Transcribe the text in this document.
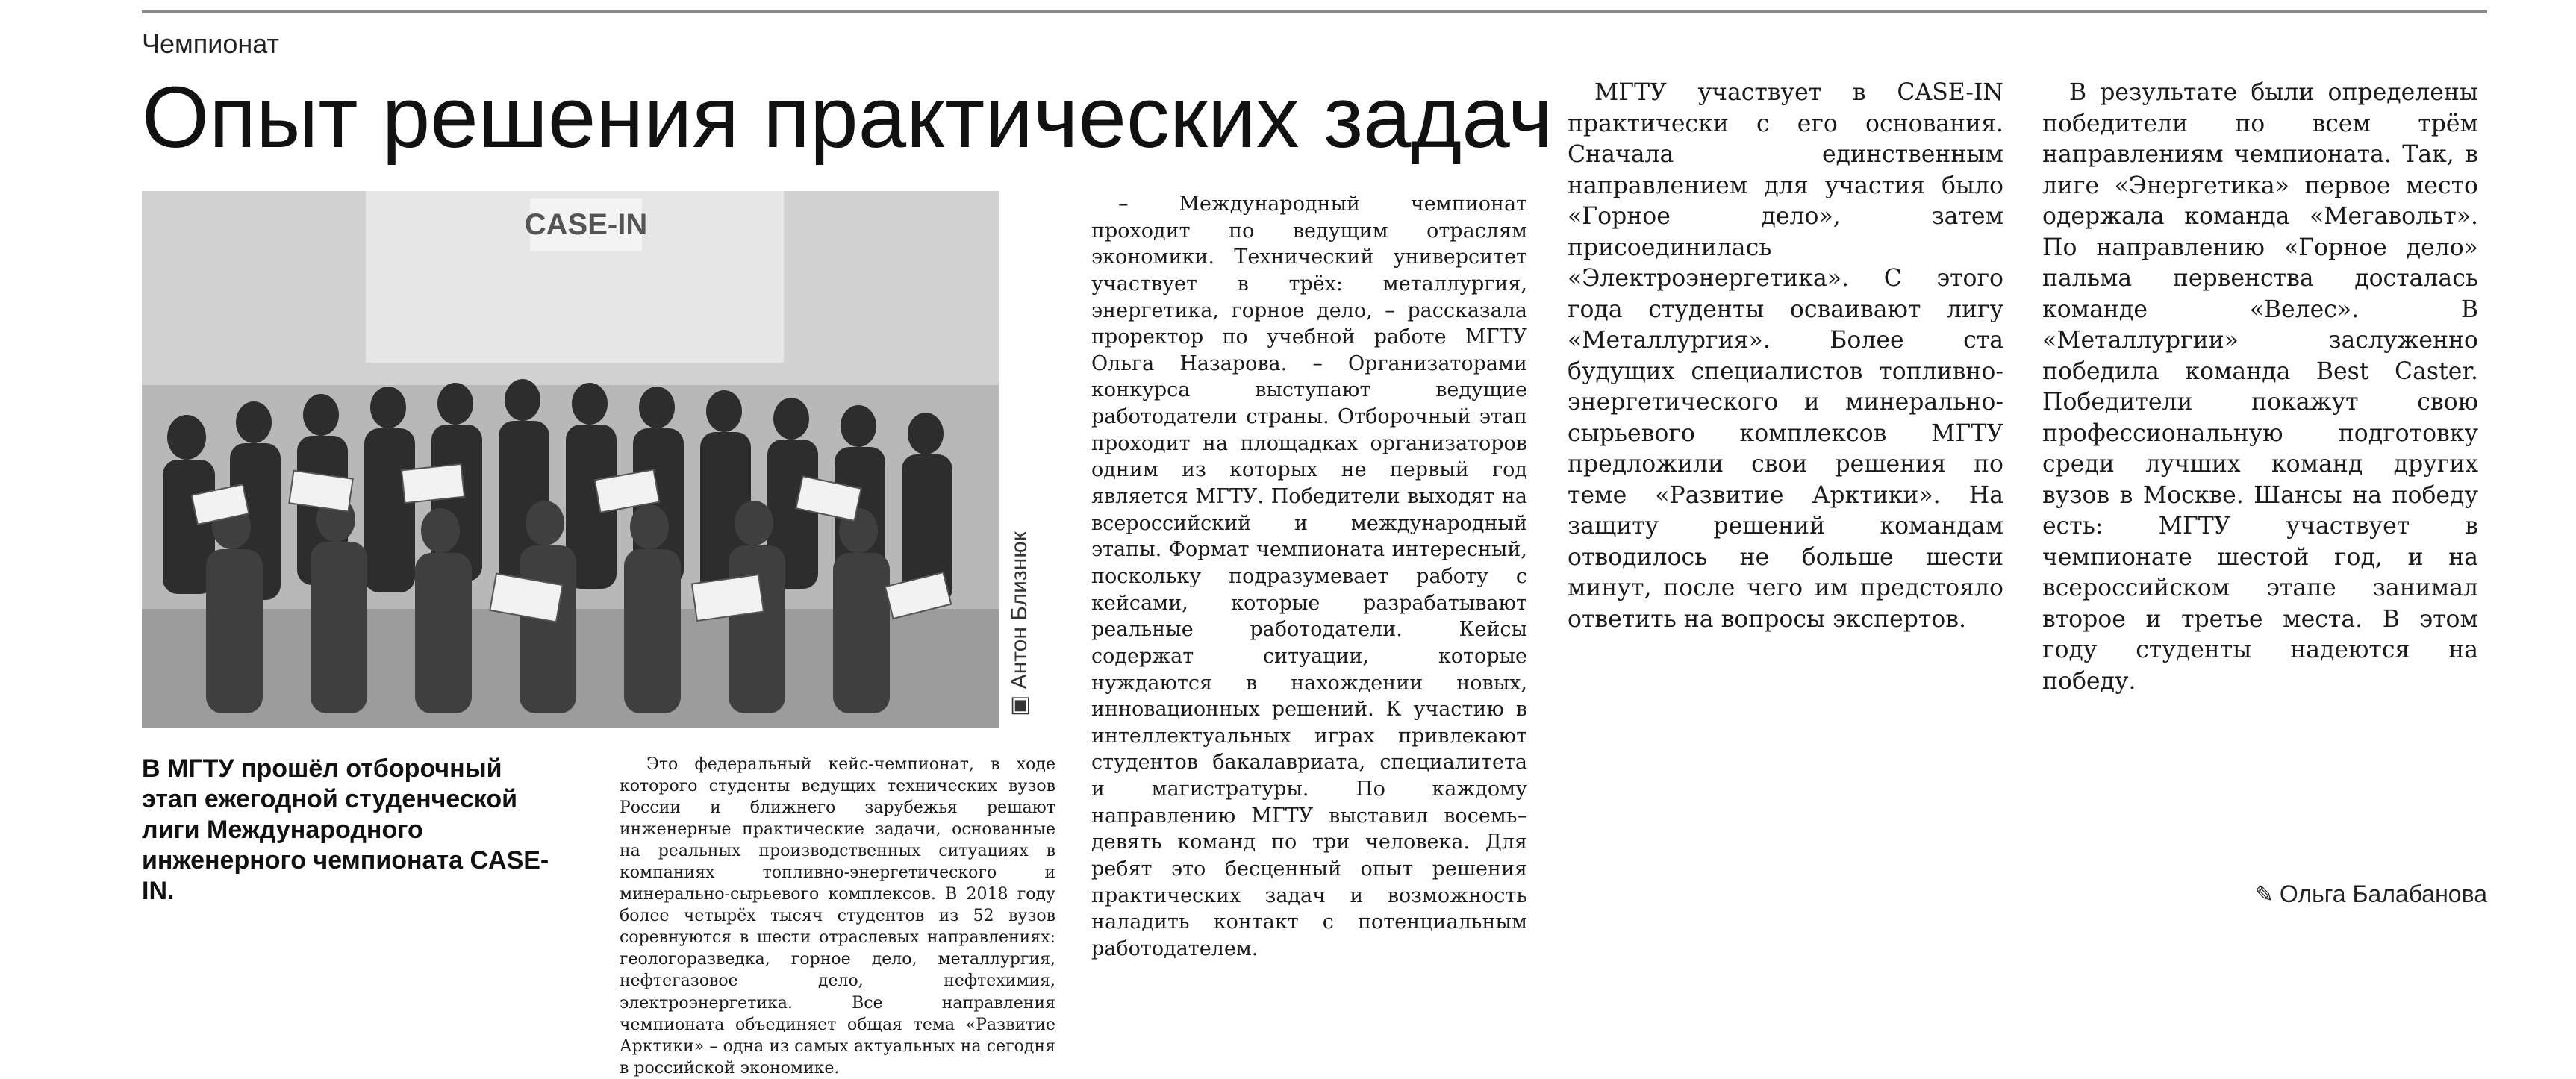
Чемпионат
Опыт решения практических задач
CASE-IN
▣ Антон Близнюк

В МГТУ прошёл отборочный этап ежегодной студенческой лиги Международного инженерного чемпионата CASE-IN.

Это федеральный кейс-чемпионат, в ходе которого студенты ведущих технических вузов России и ближнего зарубежья решают инженерные практические задачи, основанные на реальных производственных ситуациях в компаниях топливно-энергетического и минерально-сырьевого комплексов. В 2018 году более четырёх тысяч студентов из 52 вузов соревнуются в шести отраслевых направлениях: геологоразведка, горное дело, металлургия, нефтегазовое дело, нефтехимия, электроэнергетика. Все направления чемпионата объединяет общая тема «Развитие Арктики» – одна из самых актуальных на сегодня в российской экономике.

– Международный чемпионат проходит по ведущим отраслям экономики. Технический университет участвует в трёх: металлургия, энергетика, горное дело, – рассказала проректор по учебной работе МГТУ Ольга Назарова. – Организаторами конкурса выступают ведущие работодатели страны. Отборочный этап проходит на площадках организаторов одним из которых не первый год является МГТУ. Победители выходят на всероссийский и международный этапы. Формат чемпионата интересный, поскольку подразумевает работу с кейсами, которые разрабатывают реальные работодатели. Кейсы содержат ситуации, которые нуждаются в нахождении новых, инновационных решений. К участию в интеллектуальных играх привлекают студентов бакалавриата, специалитета и магистратуры. По каждому направлению МГТУ выставил восемь–девять команд по три человека. Для ребят это бесценный опыт решения практических задач и возможность наладить контакт с потенциальным работодателем.

МГТУ участвует в CASE-IN практически с его основания. Сначала единственным направлением для участия было «Горное дело», затем присоединилась «Электроэнергетика». С этого года студенты осваивают лигу «Металлургия». Более ста будущих специалистов топливно-энергетического и минерально-сырьевого комплексов МГТУ предложили свои решения по теме «Развитие Арктики». На защиту решений командам отводилось не больше шести минут, после чего им предстояло ответить на вопросы экспертов.

В результате были определены победители по всем трём направлениям чемпионата. Так, в лиге «Энергетика» первое место одержала команда «Мегавольт». По направлению «Горное дело» пальма первенства досталась команде «Велес». В «Металлургии» заслуженно победила команда Best Caster. Победители покажут свою профессиональную подготовку среди лучших команд других вузов в Москве. Шансы на победу есть: МГТУ участвует в чемпионате шестой год, и на всероссийском этапе занимал второе и третье места. В этом году студенты надеются на победу.

✎ Ольга Балабанова
